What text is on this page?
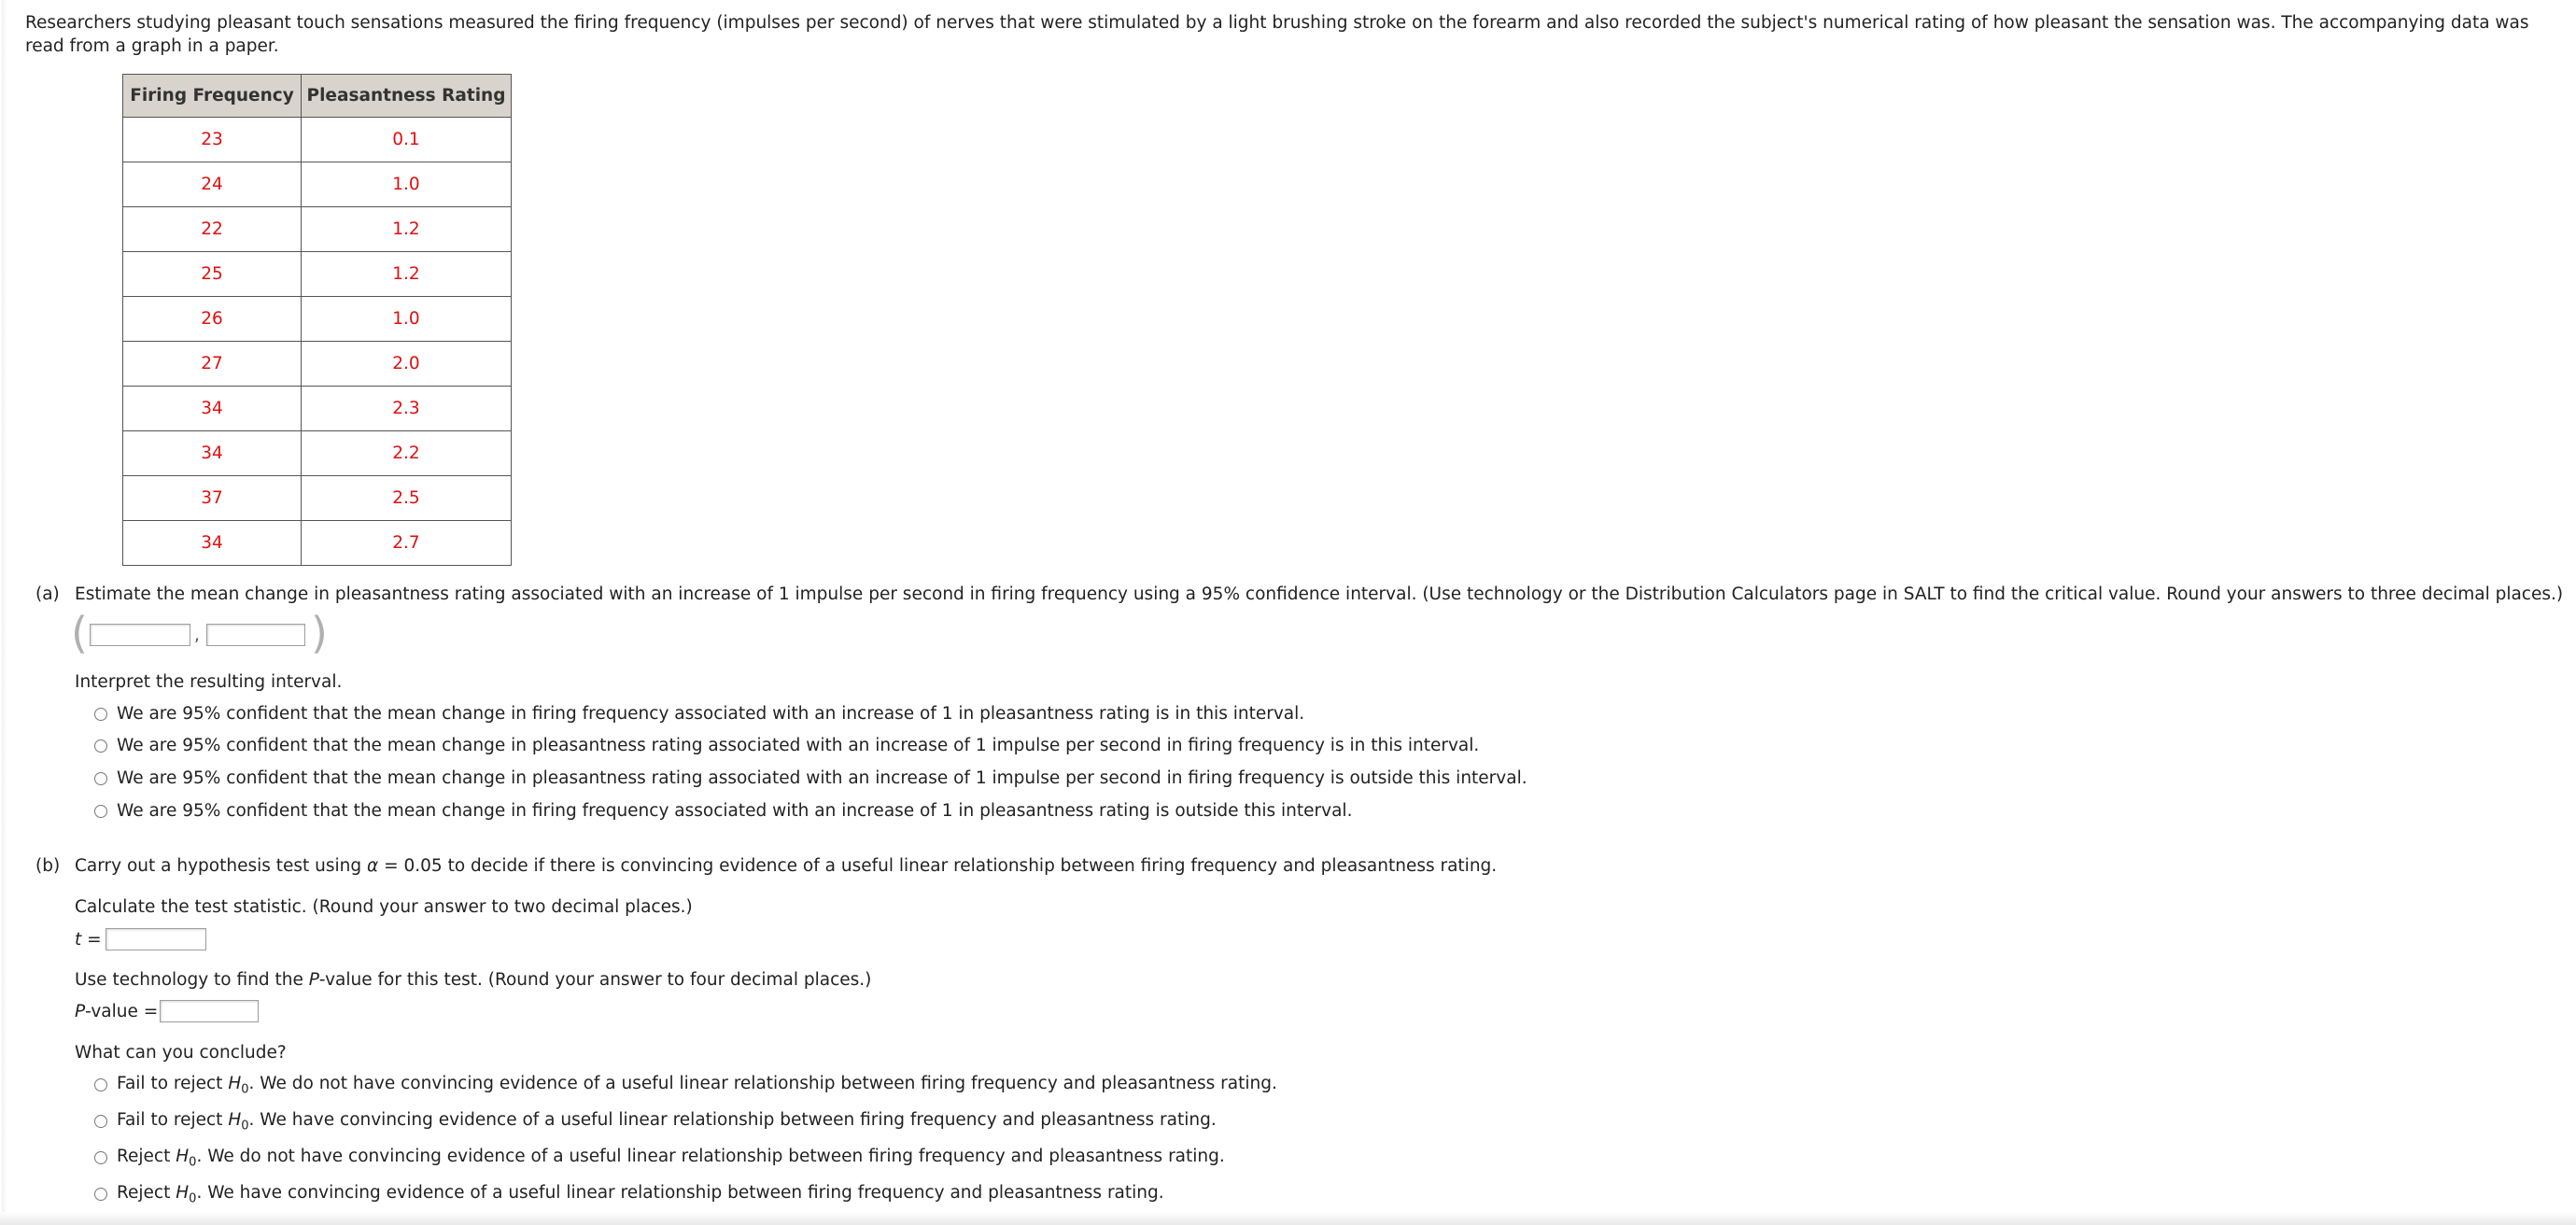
Researchers studying pleasant touch sensations measured the firing frequency (impulses per second) of nerves that were stimulated by a light brushing stroke on the forearm and also recorded the subject's numerical rating of how pleasant the sensation was. The accompanying data was read from a graph in a paper.

Firing Frequency	Pleasantness Rating
23	0.1
24	1.0
22	1.2
25	1.2
26	1.0
27	2.0
34	2.3
34	2.2
37	2.5
34	2.7
(a) Estimate the mean change in pleasantness rating associated with an increase of 1 impulse per second in firing frequency using a 95% confidence interval. (Use technology or the Distribution Calculators page in SALT to find the critical value. Round your answers to three decimal places.)
(	,	)
Interpret the resulting interval.
We are 95% confident that the mean change in firing frequency associated with an increase of 1 in pleasantness rating is in this interval.
We are 95% confident that the mean change in pleasantness rating associated with an increase of 1 impulse per second in firing frequency is in this interval.
We are 95% confident that the mean change in pleasantness rating associated with an increase of 1 impulse per second in firing frequency is outside this interval.
We are 95% confident that the mean change in firing frequency associated with an increase of 1 in pleasantness rating is outside this interval.
(b) Carry out a hypothesis test using α = 0.05 to decide if there is convincing evidence of a useful linear relationship between firing frequency and pleasantness rating.
Calculate the test statistic. (Round your answer to two decimal places.)
t =
Use technology to find the P-value for this test. (Round your answer to four decimal places.)
P-value =
What can you conclude?
Fail to reject $H_0$. We do not have convincing evidence of a useful linear relationship between firing frequency and pleasantness rating.
Fail to reject $H_0$. We have convincing evidence of a useful linear relationship between firing frequency and pleasantness rating.
Reject $H_0$. We do not have convincing evidence of a useful linear relationship between firing frequency and pleasantness rating.
Reject $H_0$. We have convincing evidence of a useful linear relationship between firing frequency and pleasantness rating.
